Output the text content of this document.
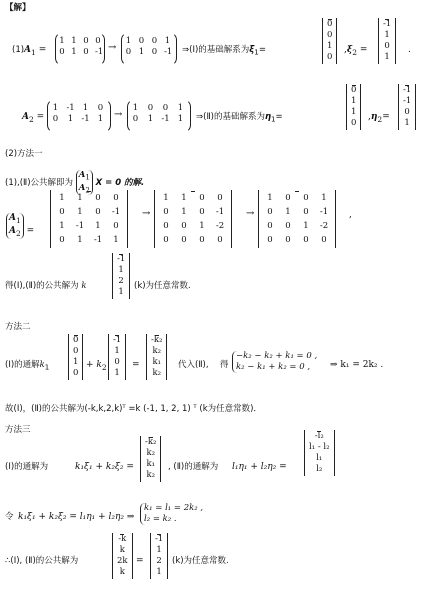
【解】
$(1)A_1$ =
1 1 0 0
0 1 0 -1 →
1 0 0 1
0 1 0 -1 ⇒(Ⅰ)的基础解系为$\xi_1=$
0
0
1
0
$,\xi_2$ =
-1
1
0
1
.
$A_2$ =
1 -1 1	0
0	1 -1 1	→
1	0	0	1
0	1 -1 1	⇒(Ⅱ)的基础解系为$\eta_1=$
0
1
1
0
$,\eta_2=$
-1
-1
0
1
(2)方法一
(1),(Ⅱ)公共解即为 $A_1$
$A_2$ X = 0 的解.
$A_1$
$A_2$ =
1	1	0	0
0	1	0	-1
1	-1	1	0
0	1	-1	1
→
1	1	0	0
0	1	0	-1
0	0	1	-2
0	0	0	0
→
1	0	0	1
0	1	0	-1
0	0	1	-2
0	0	0	0
,
得(Ⅰ),(Ⅱ)的公共解为 k
-1
1
2
1
(k)为任意常数.
方法二
(Ⅰ)的通解$k_1$
0
0
1
0
+ $k_2$
-1
1
0
1
=
-k₂
k₂
k₁
k₂
代入(Ⅱ), 得
−k₂ − k₂ + k₁ = 0 ,
k₂ − k₁ + k₂ = 0 ,	⇒ k₁ = 2k₂ .
故(Ⅰ)，(Ⅱ)的公共解为(-k,k,2,k)ᵀ =k (-1, 1, 2, 1) ᵀ (k为任意常数)．
方法三
(Ⅰ)的通解为	k₁ξ₁ + k₂ξ₂ =
-k₂
k₂
k₁
k₂
, (Ⅱ)的通解为 l₁η₁ + l₂η₂ =
-l₂
l₁ - l₂
l₁
l₂
令 k₁ξ₁ + k₂ξ₂ = l₁η₁ + l₂η₂ ⇒
k₁ = l₁ = 2k₂ ,
l₂ = k₂ .
∴(Ⅰ), (Ⅱ)的公共解为
-k
k
2k
k
=
-1
1
2
1
(k)为任意常数.
